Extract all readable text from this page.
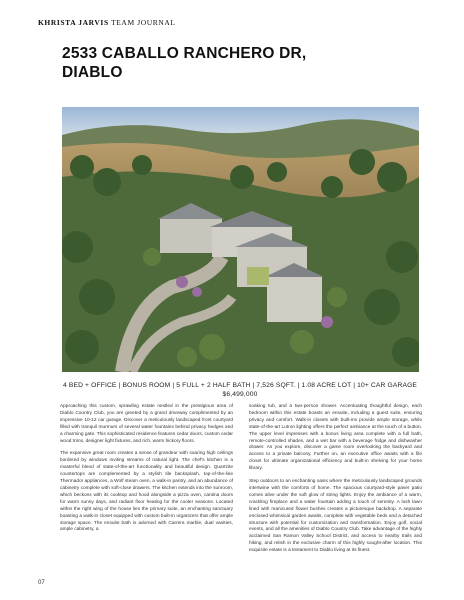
KHRISTA JARVIS TEAM JOURNAL
2533 CABALLO RANCHERO DR,
DIABLO
4 BED + OFFICE | BONUS ROOM | 5 FULL + 2 HALF BATH | 7,526 SQFT. | 1.08 ACRE LOT | 10+ CAR GARAGE
$6,499,000

Approaching this custom, sprawling estate nestled in the prestigious area of Diablo Country Club, you are greeted by a grand driveway complimented by an impressive 10-12 car garage. Discover a meticulously landscaped front courtyard filled with tranquil murmurs of several water fountains behind privacy hedges and a charming gate. This sophisticated residence features cedar doors, custom cedar wood trims, designer light fixtures, and rich, warm hickory floors.

The expansive great room creates a sense of grandeur with soaring high ceilings bordered by windows inviting streams of natural light. The chef's kitchen is a masterful blend of state-of-the-art functionality and beautiful design. Quartzite countertops are complemented by a stylish tile backsplash, top-of-the-line Thermador appliances, a Wolf steam oven, a walk-in pantry, and an abundance of cabinetry complete with soft-close drawers. The kitchen extends into the sunroom, which beckons with its cooktop and hood alongside a pizza oven, cantina doors for warm sunny days, and radiant floor heating for the cooler seasons. Located within the right wing of the house lies the primary suite, an enchanting sanctuary boasting a walk-in closet equipped with custom built-in organizers that offer ample storage space. The ensuite bath is adorned with Carrera marble, dual vanities, ample cabinetry, a

soaking tub, and a two-person shower. Accentuating thoughtful design, each bedroom within this estate boasts an ensuite, including a guest suite, ensuring privacy and comfort. Walk-in closets with built-ins provide ample storage, while state-of-the-art Lutron lighting offers the perfect ambiance at the touch of a button. The upper level impresses with a bonus living area complete with a full bath, remote-controlled shades, and a wet bar with a beverage fridge and dishwasher drawer. As you explore, discover a game room overlooking the backyard and access to a private balcony. Further on, an executive office awaits with a file closet for ultimate organizational efficiency and built-in shelving for your home library.

Step outdoors to an enchanting oasis where the meticulously landscaped grounds intertwine with the comforts of home. The spacious courtyard-style paver patio comes alive under the soft glow of string lights. Enjoy the ambiance of a warm, crackling fireplace and a water fountain adding a touch of serenity. A lush lawn lined with manicured flower bushes creates a picturesque backdrop. A separate enclosed whimsical garden awaits, complete with vegetable beds and a detached structure with potential for customization and transformation. Enjoy golf, social events, and all the amenities of Diablo Country Club. Take advantage of the highly acclaimed San Ramon Valley School District, and access to nearby trails and hiking, and relish in the exclusive charm of this highly sought-after location. This exquisite estate is a testament to Diablo living at its finest.

07
